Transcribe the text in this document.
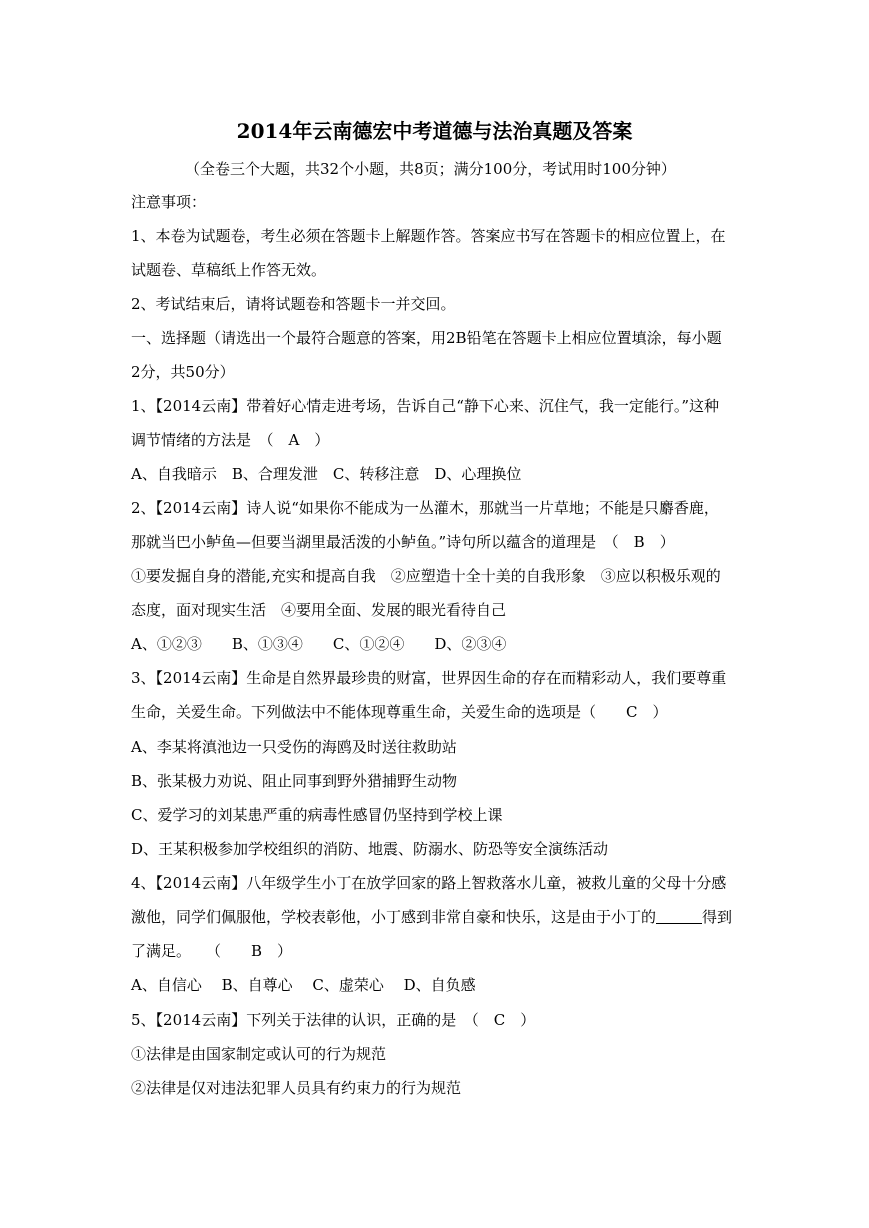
2014年云南德宏中考道德与法治真题及答案
（全卷三个大题，共32个小题，共8页；满分100分，考试用时100分钟）
注意事项：
1、本卷为试题卷，考生必须在答题卡上解题作答。答案应书写在答题卡的相应位置上，在
试题卷、草稿纸上作答无效。
2、考试结束后，请将试题卷和答题卡一并交回。
一、选择题（请选出一个最符合题意的答案，用2B铅笔在答题卡上相应位置填涂，每小题
2分，共50分）
1、【2014云南】带着好心情走进考场，告诉自己“静下心来、沉住气，我一定能行。”这种
调节情绪的方法是　（　A　）
A、自我暗示　B、合理发泄　C、转移注意　D、心理换位
2、【2014云南】诗人说“如果你不能成为一丛灌木，那就当一片草地；不能是只麝香鹿，
那就当巴小鲈鱼—但要当湖里最活泼的小鲈鱼。”诗句所以蕴含的道理是　（　B　）
①要发掘自身的潜能,充实和提高自我　②应塑造十全十美的自我形象　③应以积极乐观的
态度，面对现实生活　④要用全面、发展的眼光看待自己
A、①②③　　B、①③④　　C、①②④　　D、②③④
3、【2014云南】生命是自然界最珍贵的财富，世界因生命的存在而精彩动人，我们要尊重
生命，关爱生命。下列做法中不能体现尊重生命，关爱生命的选项是（　　C　）
A、李某将滇池边一只受伤的海鸥及时送往救助站
B、张某极力劝说、阻止同事到野外猎捕野生动物
C、爱学习的刘某患严重的病毒性感冒仍坚持到学校上课
D、王某积极参加学校组织的消防、地震、防溺水、防恐等安全演练活动
4、【2014云南】八年级学生小丁在放学回家的路上智救落水儿童，被救儿童的父母十分感
激他，同学们佩服他，学校表彰他，小丁感到非常自豪和快乐，这是由于小丁的	得到
了满足。　　（　　B　）
A、自信心　 B、自尊心　 C、虚荣心　 D、自负感
5、【2014云南】下列关于法律的认识，正确的是　（　C　）
①法律是由国家制定或认可的行为规范
②法律是仅对违法犯罪人员具有约束力的行为规范
